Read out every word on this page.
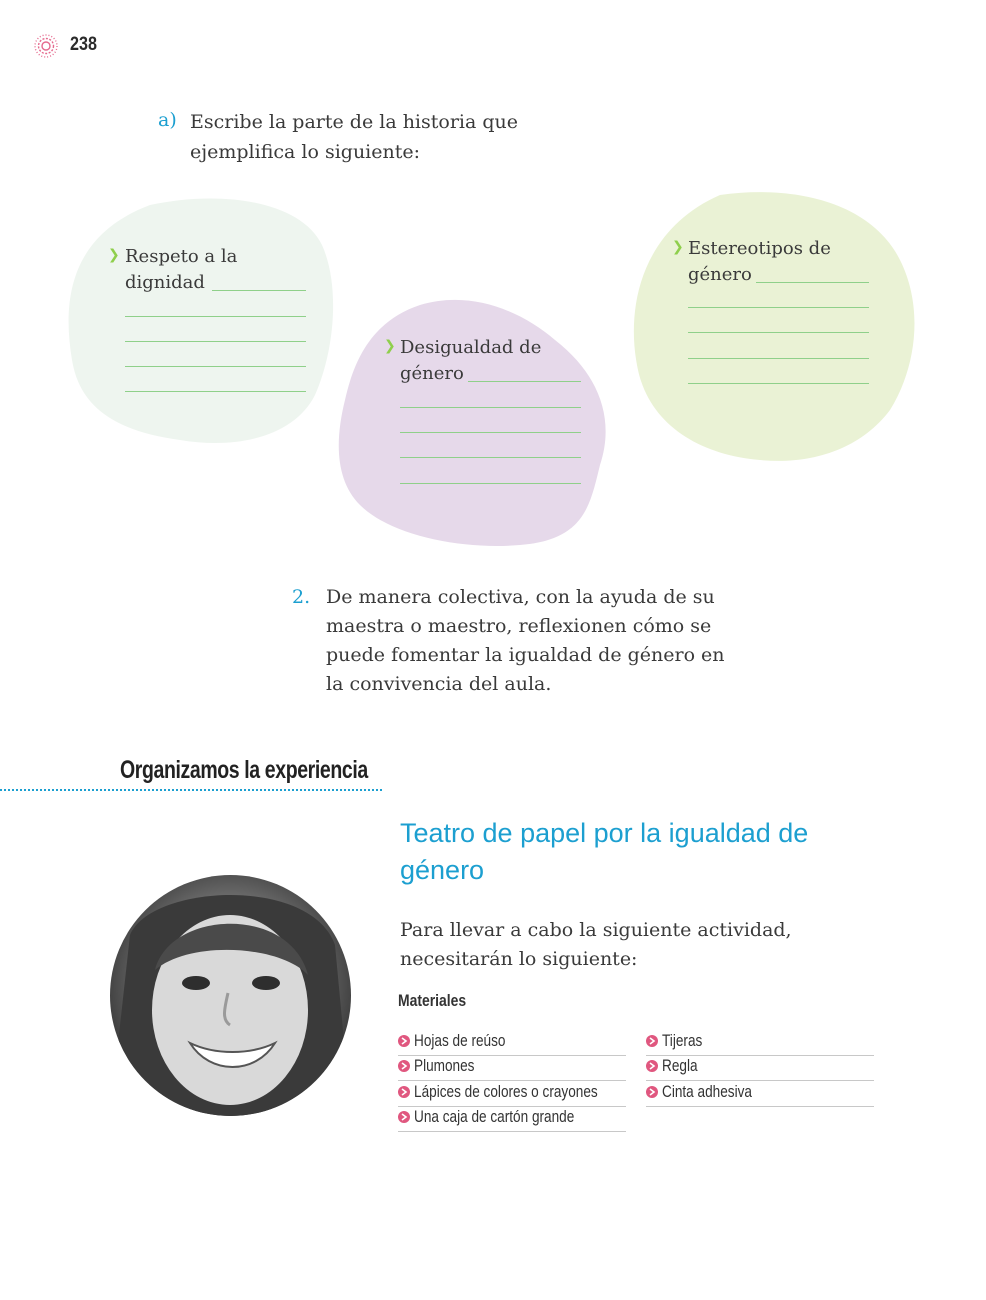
238
a) Escribe la parte de la historia que ejemplifica lo siguiente:
❯ Respeto a la
dignidad
❯ Desigualdad de
género
❯ Estereotipos de
género
2. De manera colectiva, con la ayuda de su maestra o maestro, reflexionen cómo se puede fomentar la igualdad de género en la convivencia del aula.
Organizamos la experiencia
Teatro de papel por la igualdad de género
Para llevar a cabo la siguiente actividad, necesitarán lo siguiente:
Materiales
Hojas de reúso
Plumones
Lápices de colores o crayones
Una caja de cartón grande
Tijeras
Regla
Cinta adhesiva
